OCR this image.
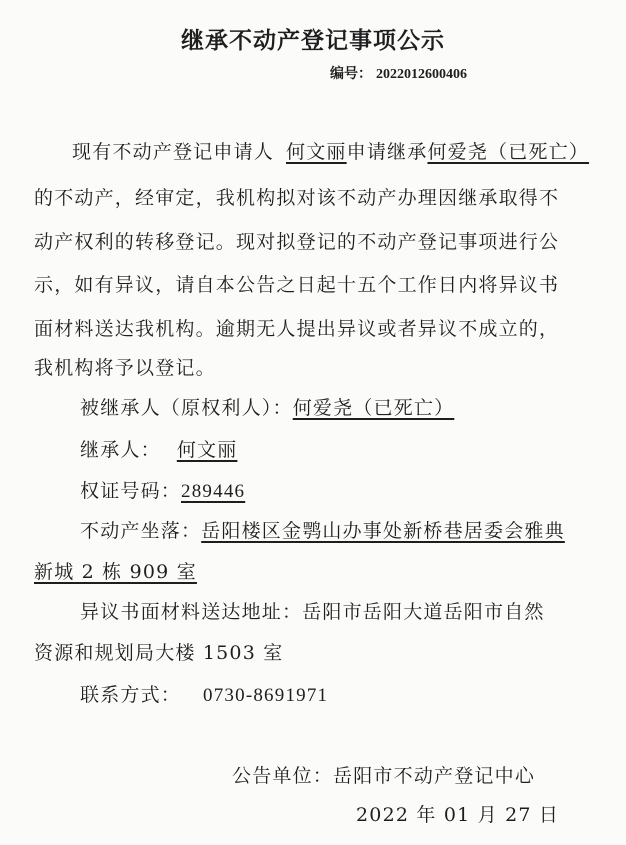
继承不动产登记事项公示
编号： 2022012600406
现有不动产登记申请人 何文丽申请继承何爱尧（已死亡）
的不动产，经审定，我机构拟对该不动产办理因继承取得不
动产权利的转移登记。现对拟登记的不动产登记事项进行公
示，如有异议，请自本公告之日起十五个工作日内将异议书
面材料送达我机构。逾期无人提出异议或者异议不成立的，
我机构将予以登记。
被继承人（原权利人）：何爱尧（已死亡）
继承人： 何文丽
权证号码：289446
不动产坐落：岳阳楼区金鹗山办事处新桥巷居委会雅典
新城 2 栋 909 室
异议书面材料送达地址：岳阳市岳阳大道岳阳市自然
资源和规划局大楼 1503 室
联系方式： 0730-8691971
公告单位：岳阳市不动产登记中心
2022 年 01 月 27 日
